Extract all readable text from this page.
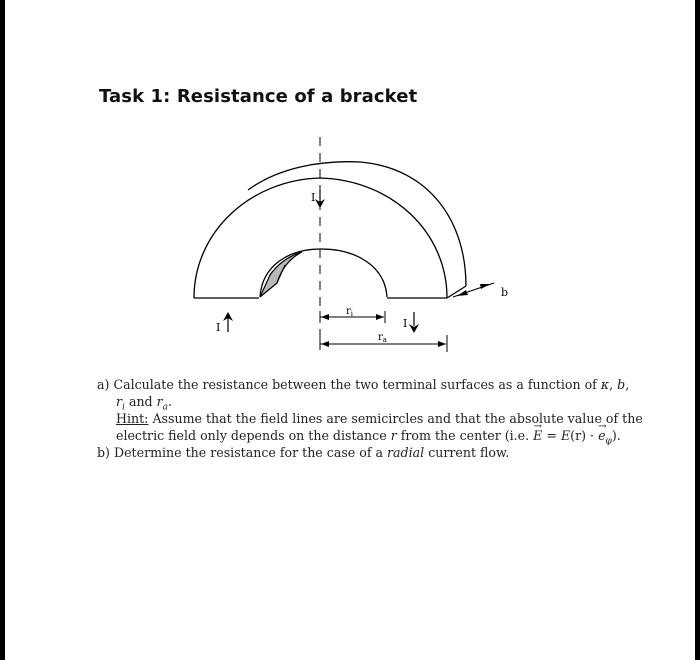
Task 1: Resistance of a bracket
I
I	I
$r_i$
$r_a$
b
a) Calculate the resistance between the two terminal surfaces as a function of κ, b,
$r_i$ and $r_a$.
Hint: Assume that the field lines are semicircles and that the absolute value of the
electric field only depends on the distance r from the center (i.e. → E = E(r) · → $e_\varphi$).
b) Determine the resistance for the case of a radial current flow.
